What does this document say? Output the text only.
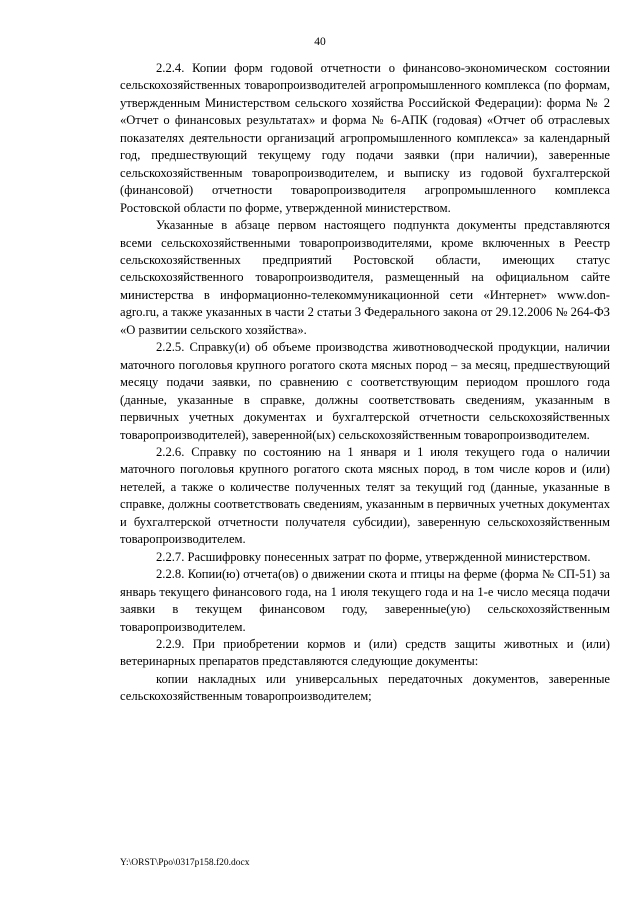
40

2.2.4. Копии форм годовой отчетности о финансово-экономическом состоянии сельскохозяйственных товаропроизводителей агропромышленного комплекса (по формам, утвержденным Министерством сельского хозяйства Российской Федерации): форма № 2 «Отчет о финансовых результатах» и форма № 6-АПК (годовая) «Отчет об отраслевых показателях деятельности организаций агропромышленного комплекса» за календарный год, предшествующий текущему году подачи заявки (при наличии), заверенные сельскохозяйственным товаропроизводителем, и выписку из годовой бухгалтерской (финансовой) отчетности товаропроизводителя агропромышленного комплекса Ростовской области по форме, утвержденной министерством.

Указанные в абзаце первом настоящего подпункта документы представляются всеми сельскохозяйственными товаропроизводителями, кроме включенных в Реестр сельскохозяйственных предприятий Ростовской области, имеющих статус сельскохозяйственного товаропроизводителя, размещенный на официальном сайте министерства в информационно-телекоммуникационной сети «Интернет» www.don-agro.ru, а также указанных в части 2 статьи 3 Федерального закона от 29.12.2006 № 264-ФЗ «О развитии сельского хозяйства».

2.2.5. Справку(и) об объеме производства животноводческой продукции, наличии маточного поголовья крупного рогатого скота мясных пород – за месяц, предшествующий месяцу подачи заявки, по сравнению с соответствующим периодом прошлого года (данные, указанные в справке, должны соответствовать сведениям, указанным в первичных учетных документах и бухгалтерской отчетности сельскохозяйственных товаропроизводителей), заверенной(ых) сельскохозяйственным товаропроизводителем.

2.2.6. Справку по состоянию на 1 января и 1 июля текущего года о наличии маточного поголовья крупного рогатого скота мясных пород, в том числе коров и (или) нетелей, а также о количестве полученных телят за текущий год (данные, указанные в справке, должны соответствовать сведениям, указанным в первичных учетных документах и бухгалтерской отчетности получателя субсидии), заверенную сельскохозяйственным товаропроизводителем.

2.2.7. Расшифровку понесенных затрат по форме, утвержденной министерством.

2.2.8. Копии(ю) отчета(ов) о движении скота и птицы на ферме (форма № СП-51) за январь текущего финансового года, на 1 июля текущего года и на 1-е число месяца подачи заявки в текущем финансовом году, заверенные(ую) сельскохозяйственным товаропроизводителем.

2.2.9. При приобретении кормов и (или) средств защиты животных и (или) ветеринарных препаратов представляются следующие документы:

копии накладных или универсальных передаточных документов, заверенные сельскохозяйственным товаропроизводителем;

Y:\ORST\Ppo\0317p158.f20.docx
